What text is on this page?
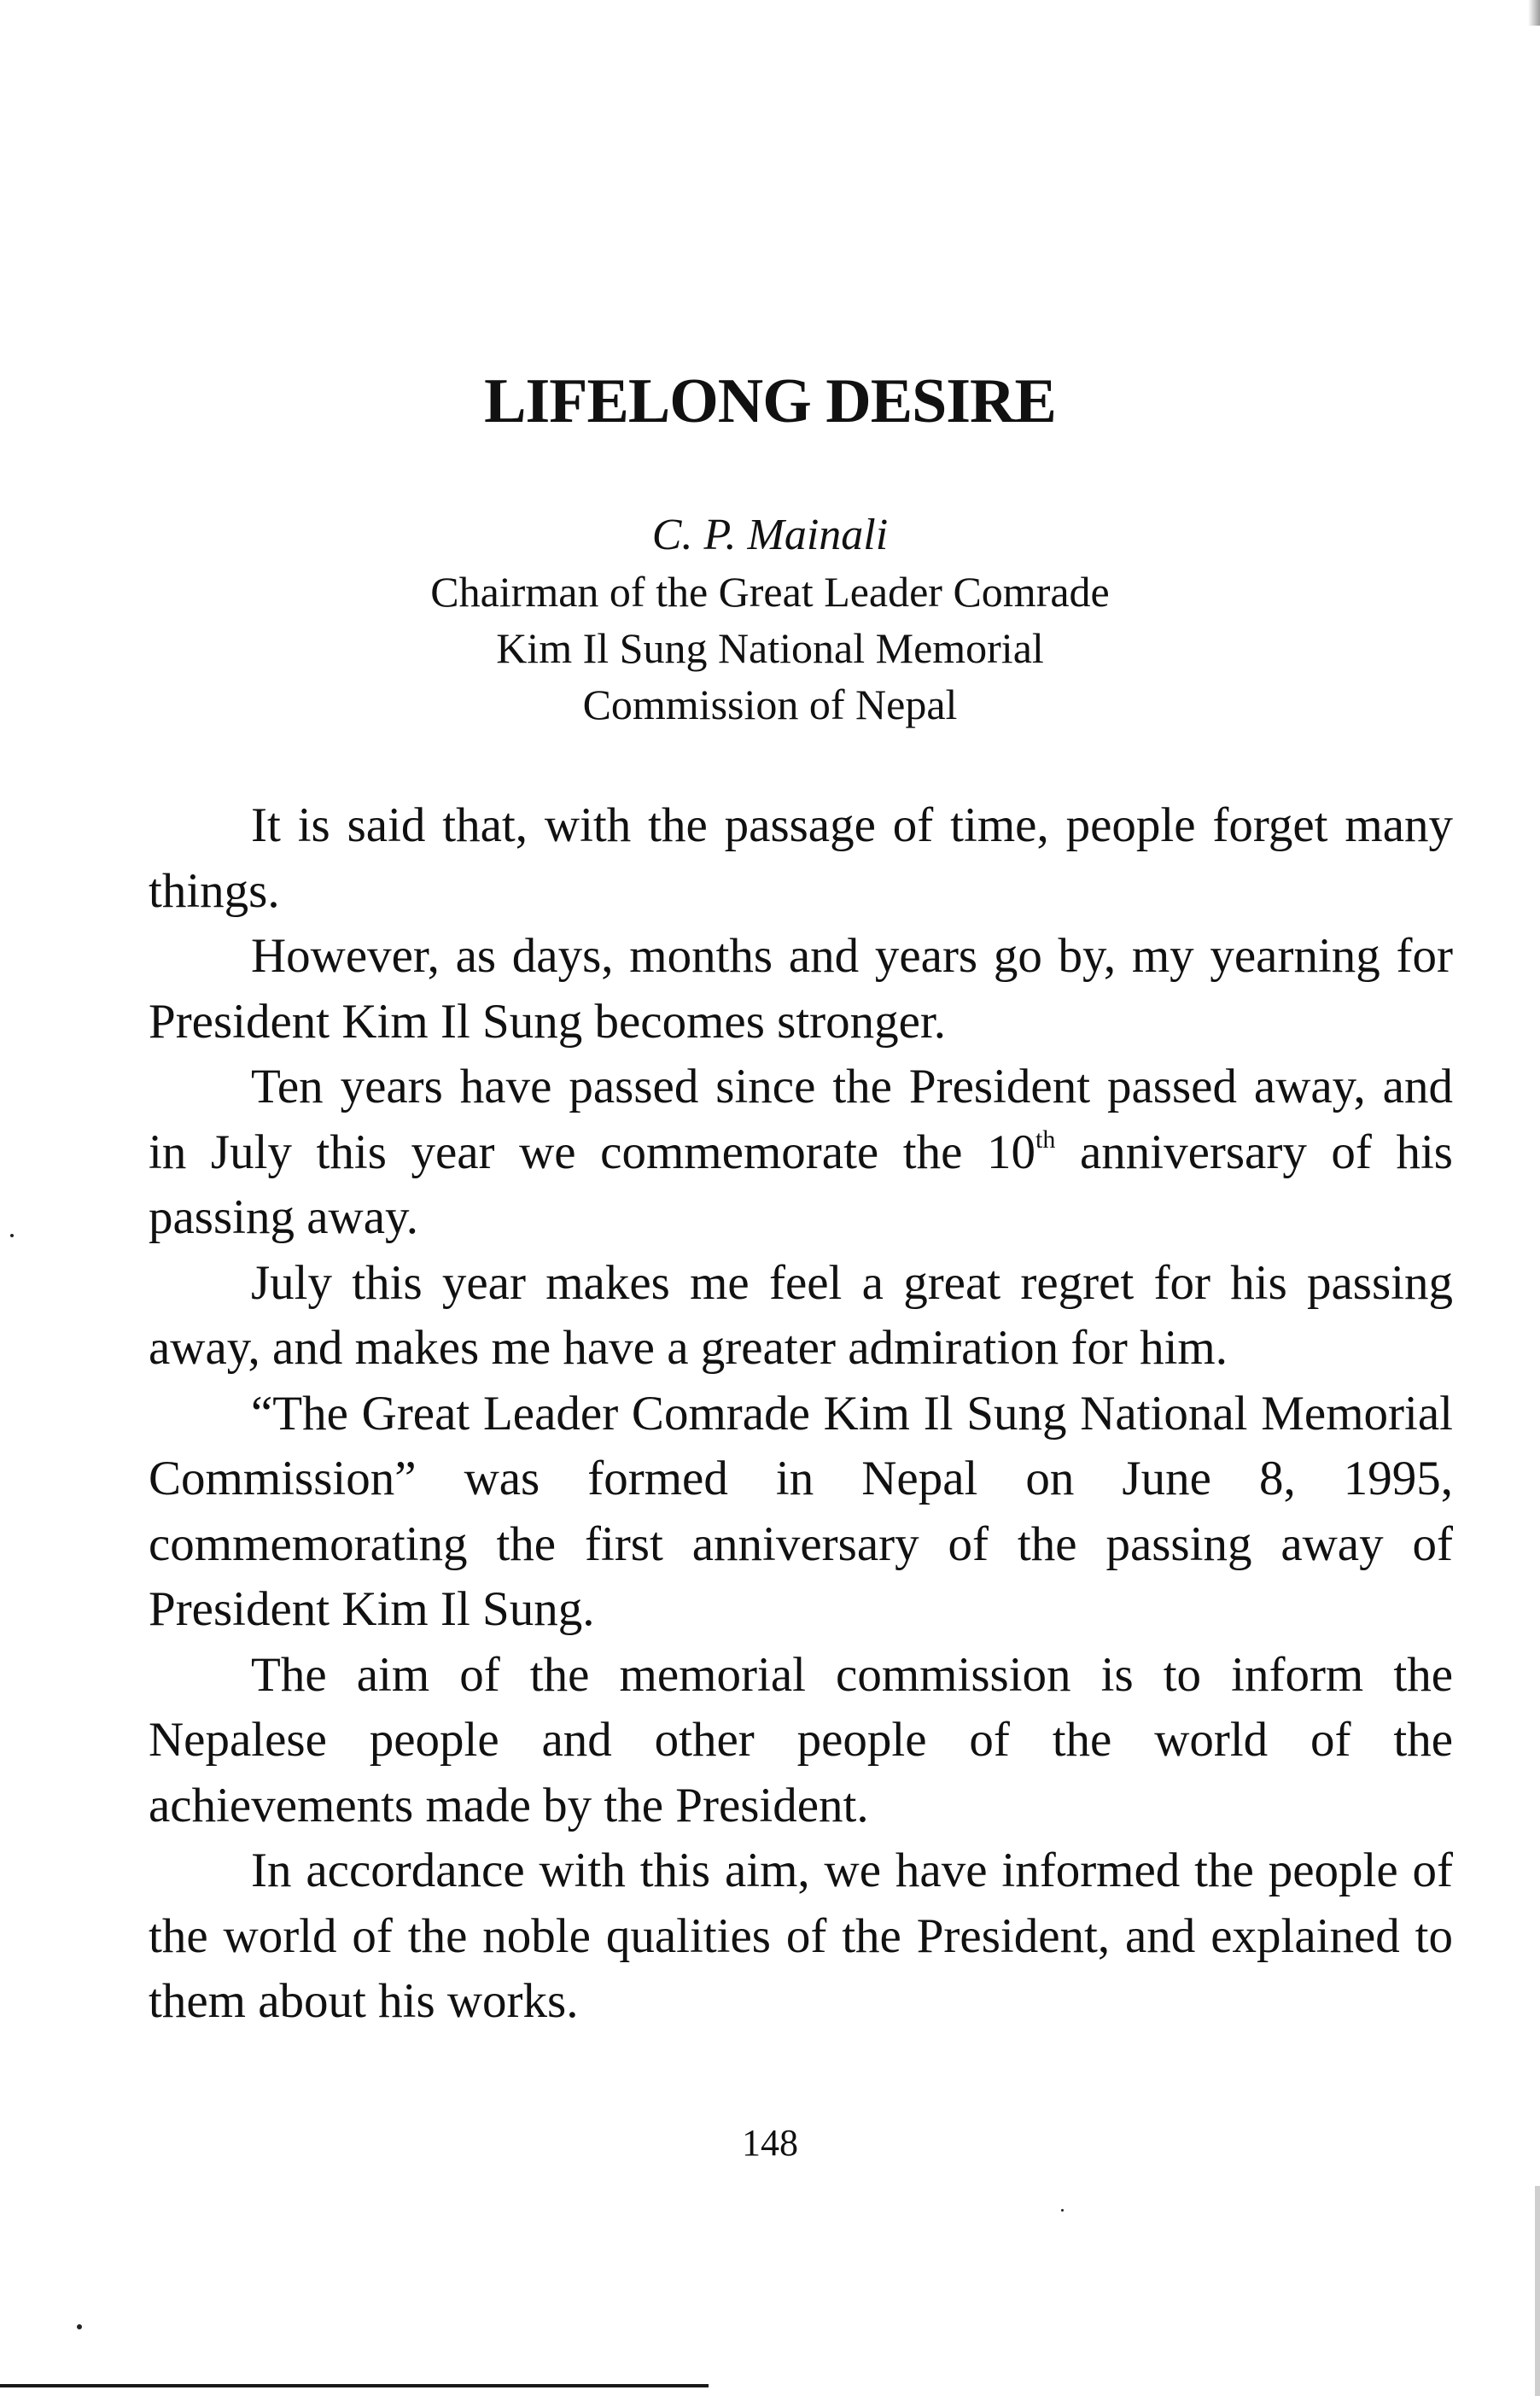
LIFELONG DESIRE
C. P. Mainali
Chairman of the Great Leader Comrade
Kim Il Sung National Memorial
Commission of Nepal

It is said that, with the passage of time, people forget many things.

However, as days, months and years go by, my yearning for President Kim Il Sung becomes stronger.

Ten years have passed since the President passed away, and in July this year we commemorate the 10th anniversary of his passing away.

July this year makes me feel a great regret for his passing away, and makes me have a greater admiration for him.

“The Great Leader Comrade Kim Il Sung National Memorial Commission” was formed in Nepal on June 8, 1995, commemorating the first anniversary of the passing away of President Kim Il Sung.

The aim of the memorial commission is to inform the Nepalese people and other people of the world of the achievements made by the President.

In accordance with this aim, we have informed the people of the world of the noble qualities of the President, and explained to them about his works.

148
